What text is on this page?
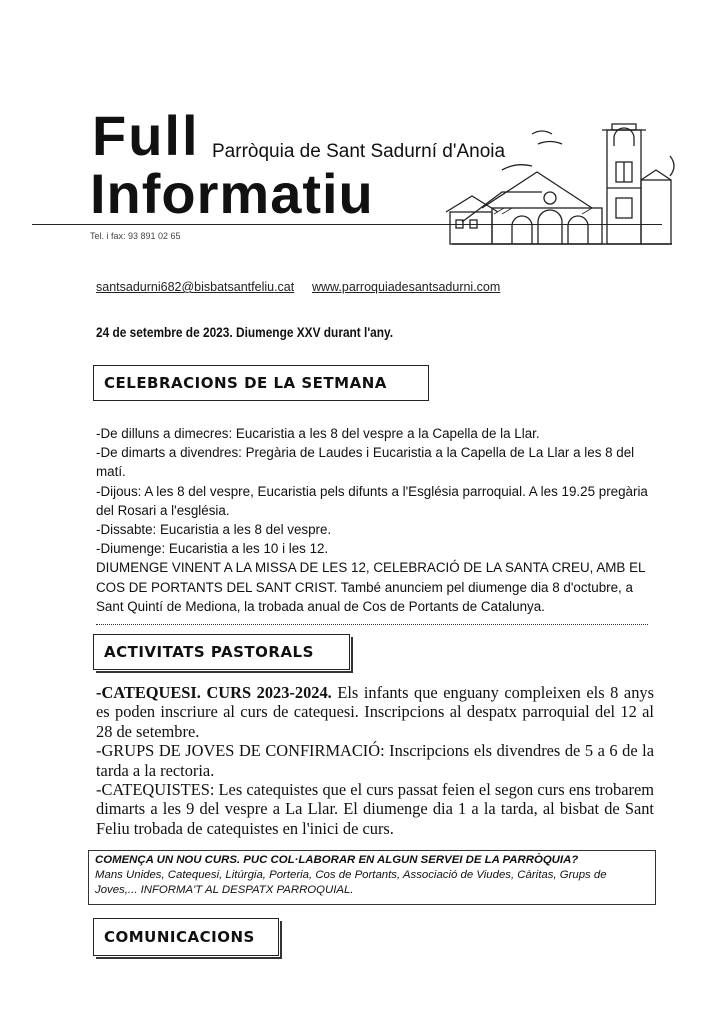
Full Parròquia de Sant Sadurní d'Anoia
Informatiu
Tel. i fax: 93 891 02 65
santsadurni682@bisbatsantfeliu.cat www.parroquiadesantsadurni.com
24 de setembre de 2023. Diumenge XXV durant l'any.
CELEBRACIONS DE LA SETMANA

-De dilluns a dimecres: Eucaristia a les 8 del vespre a la Capella de la Llar.

-De dimarts a divendres: Pregària de Laudes i Eucaristia a la Capella de La Llar a les 8 del matí.

-Dijous: A les 8 del vespre, Eucaristia pels difunts a l'Església parroquial. A les 19.25 pregària del Rosari a l'església.

-Dissabte: Eucaristia a les 8 del vespre.

-Diumenge: Eucaristia a les 10 i les 12.

DIUMENGE VINENT A LA MISSA DE LES 12, CELEBRACIÓ DE LA SANTA CREU, AMB EL COS DE PORTANTS DEL SANT CRIST. També anunciem pel diumenge dia 8 d'octubre, a Sant Quintí de Mediona, la trobada anual de Cos de Portants de Catalunya.

ACTIVITATS PASTORALS

-CATEQUESI. CURS 2023-2024. Els infants que enguany compleixen els 8 anys es poden inscriure al curs de catequesi. Inscripcions al despatx parroquial del 12 al 28 de setembre.

-GRUPS DE JOVES DE CONFIRMACIÓ: Inscripcions els divendres de 5 a 6 de la tarda a la rectoria.

-CATEQUISTES: Les catequistes que el curs passat feien el segon curs ens trobarem dimarts a les 9 del vespre a La Llar. El diumenge dia 1 a la tarda, al bisbat de Sant Feliu trobada de catequistes en l'inici de curs.

COMENÇA UN NOU CURS. PUC COL·LABORAR EN ALGUN SERVEI DE LA PARRÒQUIA?
Mans Unides, Catequesi, Litúrgia, Porteria, Cos de Portants, Associació de Viudes, Càritas, Grups de Joves,... INFORMA'T AL DESPATX PARROQUIAL.
COMUNICACIONS
